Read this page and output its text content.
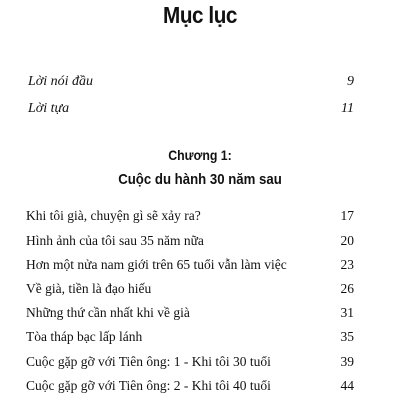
Mục lục
Lời nói đầu	9
Lời tựa	11
Chương 1:
Cuộc du hành 30 năm sau
Khi tôi già, chuyện gì sẽ xảy ra?	17
Hình ảnh của tôi sau 35 năm nữa	20
Hơn một nửa nam giới trên 65 tuổi vẫn làm việc	23
Về già, tiền là đạo hiếu	26
Những thứ cần nhất khi về già	31
Tòa tháp bạc lấp lánh	35
Cuộc gặp gỡ với Tiên ông: 1 - Khi tôi 30 tuổi	39
Cuộc gặp gỡ với Tiên ông: 2 - Khi tôi 40 tuổi	44
